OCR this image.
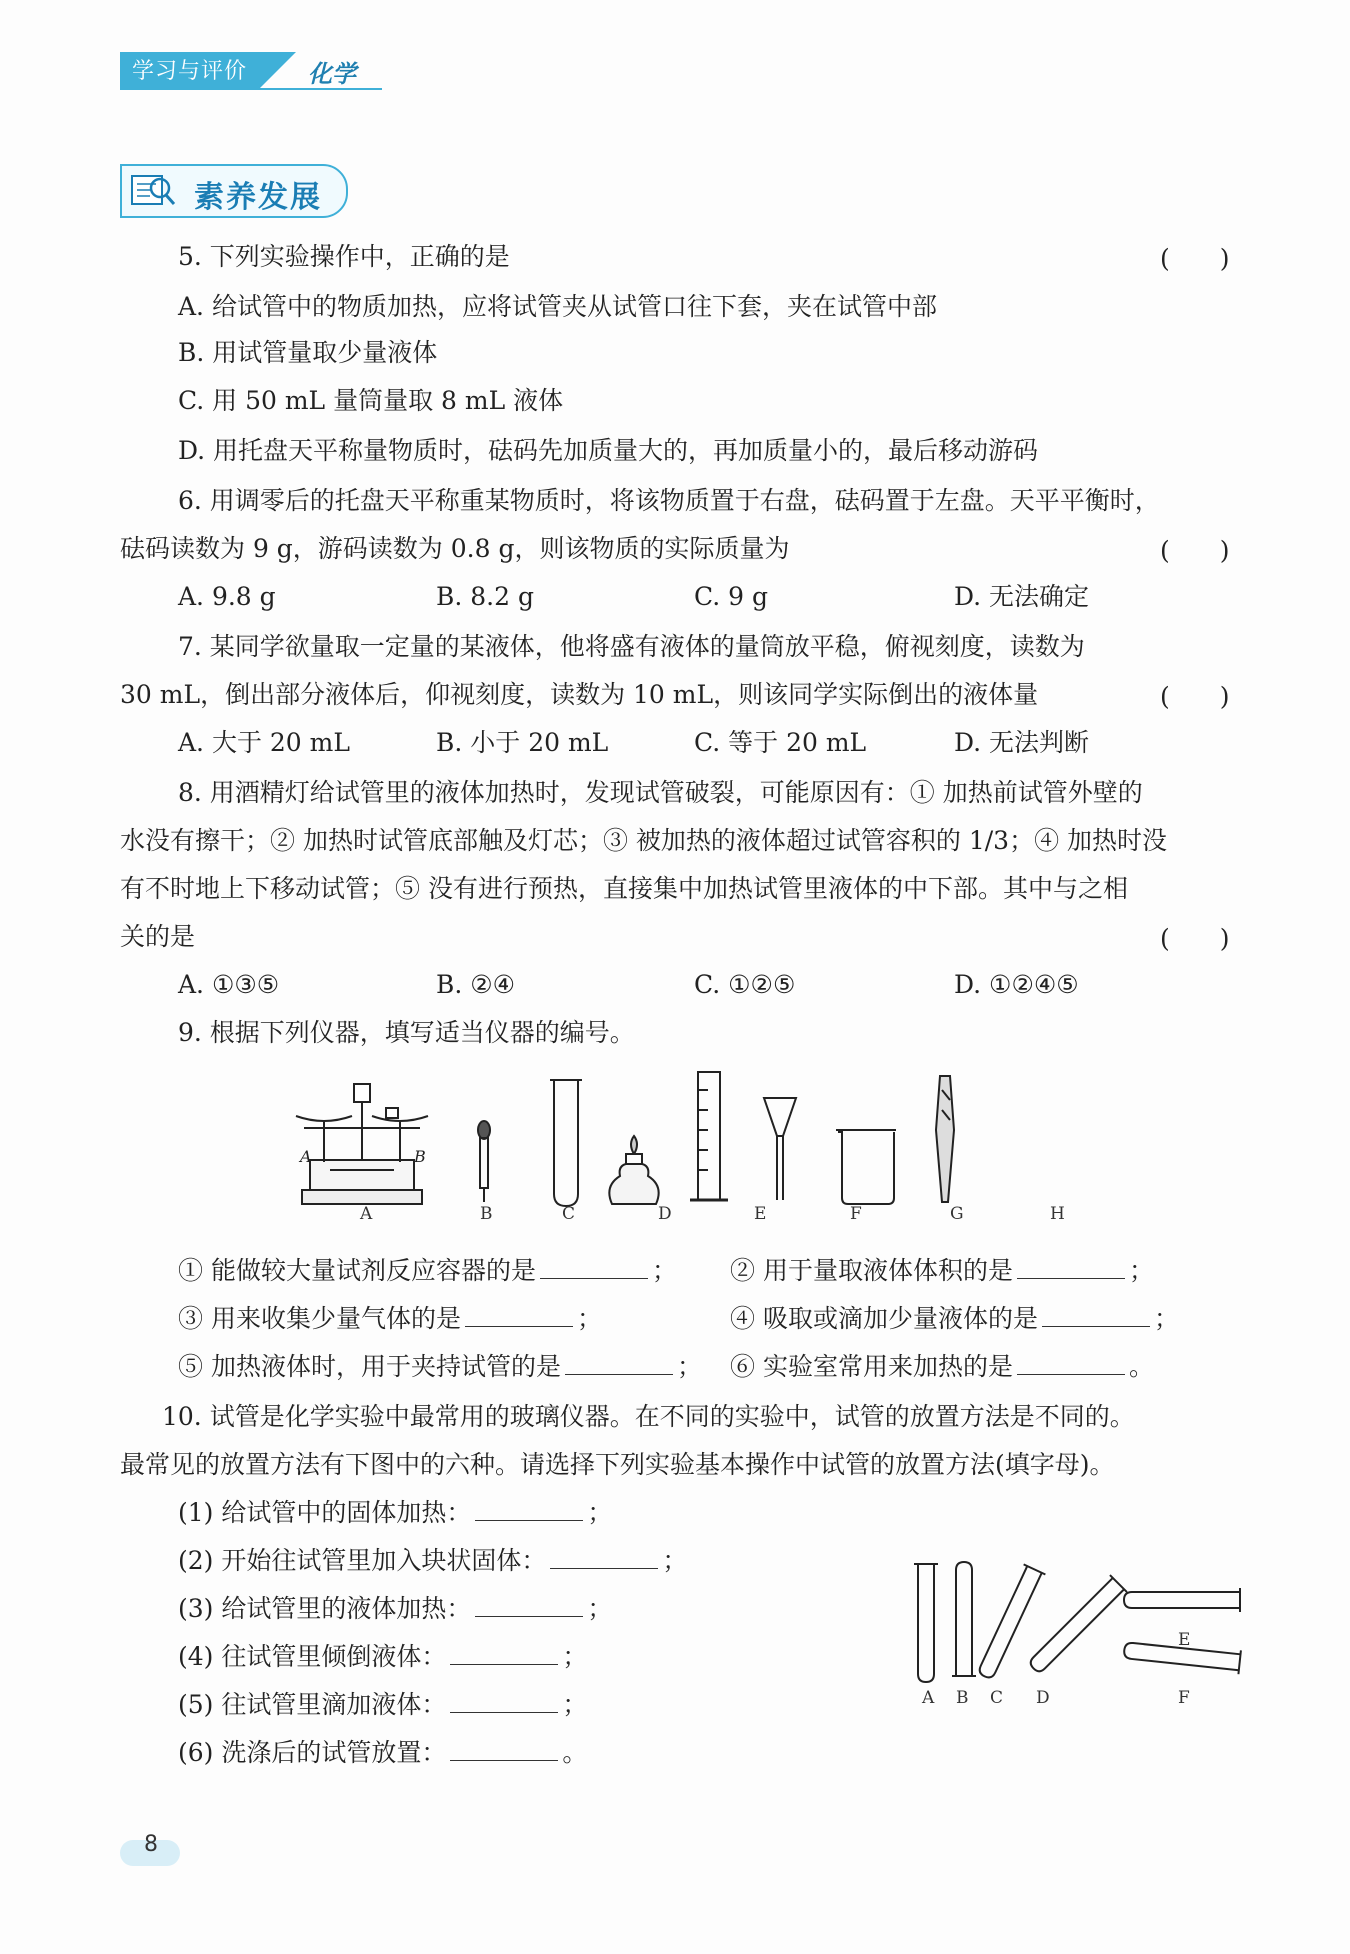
学习与评价	化学
素养发展
5. 下列实验操作中，正确的是	(　　)
A. 给试管中的物质加热，应将试管夹从试管口往下套，夹在试管中部
B. 用试管量取少量液体
C. 用 50 mL 量筒量取 8 mL 液体
D. 用托盘天平称量物质时，砝码先加质量大的，再加质量小的，最后移动游码
6. 用调零后的托盘天平称重某物质时，将该物质置于右盘，砝码置于左盘。天平平衡时，
砝码读数为 9 g，游码读数为 0.8 g，则该物质的实际质量为	(　　)
A. 9.8 g	B. 8.2 g	C. 9 g	D. 无法确定
7. 某同学欲量取一定量的某液体，他将盛有液体的量筒放平稳，俯视刻度，读数为
30 mL，倒出部分液体后，仰视刻度，读数为 10 mL，则该同学实际倒出的液体量	(　　)
A. 大于 20 mL	B. 小于 20 mL	C. 等于 20 mL	D. 无法判断
8. 用酒精灯给试管里的液体加热时，发现试管破裂，可能原因有：① 加热前试管外壁的
水没有擦干；② 加热时试管底部触及灯芯；③ 被加热的液体超过试管容积的 1/3；④ 加热时没
有不时地上下移动试管；⑤ 没有进行预热，直接集中加热试管里液体的中下部。其中与之相
关的是	(　　)
A. ①③⑤	B. ②④	C. ①②⑤	D. ①②④⑤
9. 根据下列仪器，填写适当仪器的编号。
A	B
A	B	C	D	E	F	G	H
① 能做较大量试剂反应容器的是	； ② 用于量取液体体积的是	；
③ 用来收集少量气体的是	；	④ 吸取或滴加少量液体的是	；
⑤ 加热液体时，用于夹持试管的是	； ⑥ 实验室常用来加热的是	。
10. 试管是化学实验中最常用的玻璃仪器。在不同的实验中，试管的放置方法是不同的。
最常见的放置方法有下图中的六种。请选择下列实验基本操作中试管的放置方法(填字母)。
(1) 给试管中的固体加热：	；
(2) 开始往试管里加入块状固体：	；
(3) 给试管里的液体加热：	；
(4) 往试管里倾倒液体：	；
(5) 往试管里滴加液体：	；
(6) 洗涤后的试管放置：	。
A B C D
E
F
8
